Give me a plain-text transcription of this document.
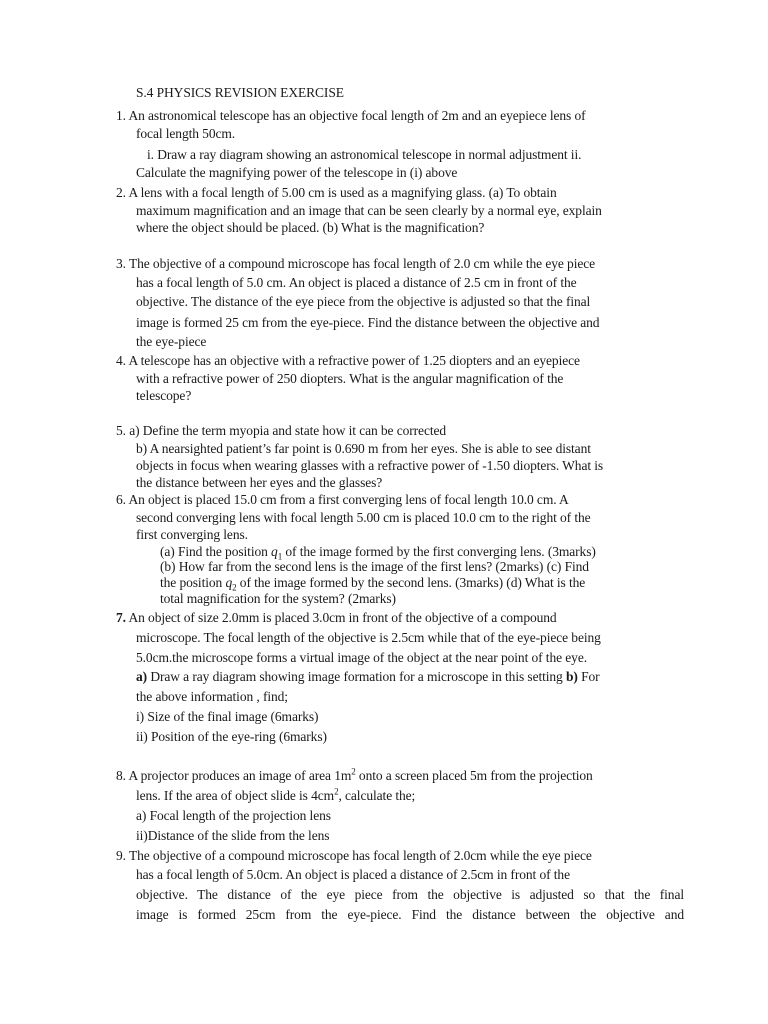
S.4 PHYSICS REVISION EXERCISE
1. An astronomical telescope has an objective focal length of 2m and an eyepiece lens of
focal length 50cm.
i. Draw a ray diagram showing an astronomical telescope in normal adjustment ii.
Calculate the magnifying power of the telescope in (i) above
2. A lens with a focal length of 5.00 cm is used as a magnifying glass. (a) To obtain
maximum magnification and an image that can be seen clearly by a normal eye, explain
where the object should be placed. (b) What is the magnification?
3. The objective of a compound microscope has focal length of 2.0 cm while the eye piece
has a focal length of 5.0 cm. An object is placed a distance of 2.5 cm in front of the
objective. The distance of the eye piece from the objective is adjusted so that the final
image is formed 25 cm from the eye-piece. Find the distance between the objective and
the eye-piece
4. A telescope has an objective with a refractive power of 1.25 diopters and an eyepiece
with a refractive power of 250 diopters. What is the angular magnification of the
telescope?
5. a) Define the term myopia and state how it can be corrected
b) A nearsighted patient’s far point is 0.690 m from her eyes. She is able to see distant
objects in focus when wearing glasses with a refractive power of -1.50 diopters. What is
the distance between her eyes and the glasses?
6. An object is placed 15.0 cm from a first converging lens of focal length 10.0 cm. A
second converging lens with focal length 5.00 cm is placed 10.0 cm to the right of the
first converging lens.
(a) Find the position $q_1$ of the image formed by the first converging lens. (3marks)
(b) How far from the second lens is the image of the first lens? (2marks) (c) Find
the position $q_2$ of the image formed by the second lens. (3marks) (d) What is the
total magnification for the system? (2marks)
7. An object of size 2.0mm is placed 3.0cm in front of the objective of a compound
microscope. The focal length of the objective is 2.5cm while that of the eye-piece being
5.0cm.the microscope forms a virtual image of the object at the near point of the eye.
a) Draw a ray diagram showing image formation for a microscope in this setting b) For
the above information , find;
i) Size of the final image (6marks)
ii) Position of the eye-ring (6marks)
8. A projector produces an image of area $1m^2$ onto a screen placed 5m from the projection
lens. If the area of object slide is $4cm^2$, calculate the;
a) Focal length of the projection lens
ii)Distance of the slide from the lens
9. The objective of a compound microscope has focal length of 2.0cm while the eye piece
has a focal length of 5.0cm. An object is placed a distance of 2.5cm in front of the
objective. The distance of the eye piece from the objective is adjusted so that the final
image is formed 25cm from the eye-piece. Find the distance between the objective and
